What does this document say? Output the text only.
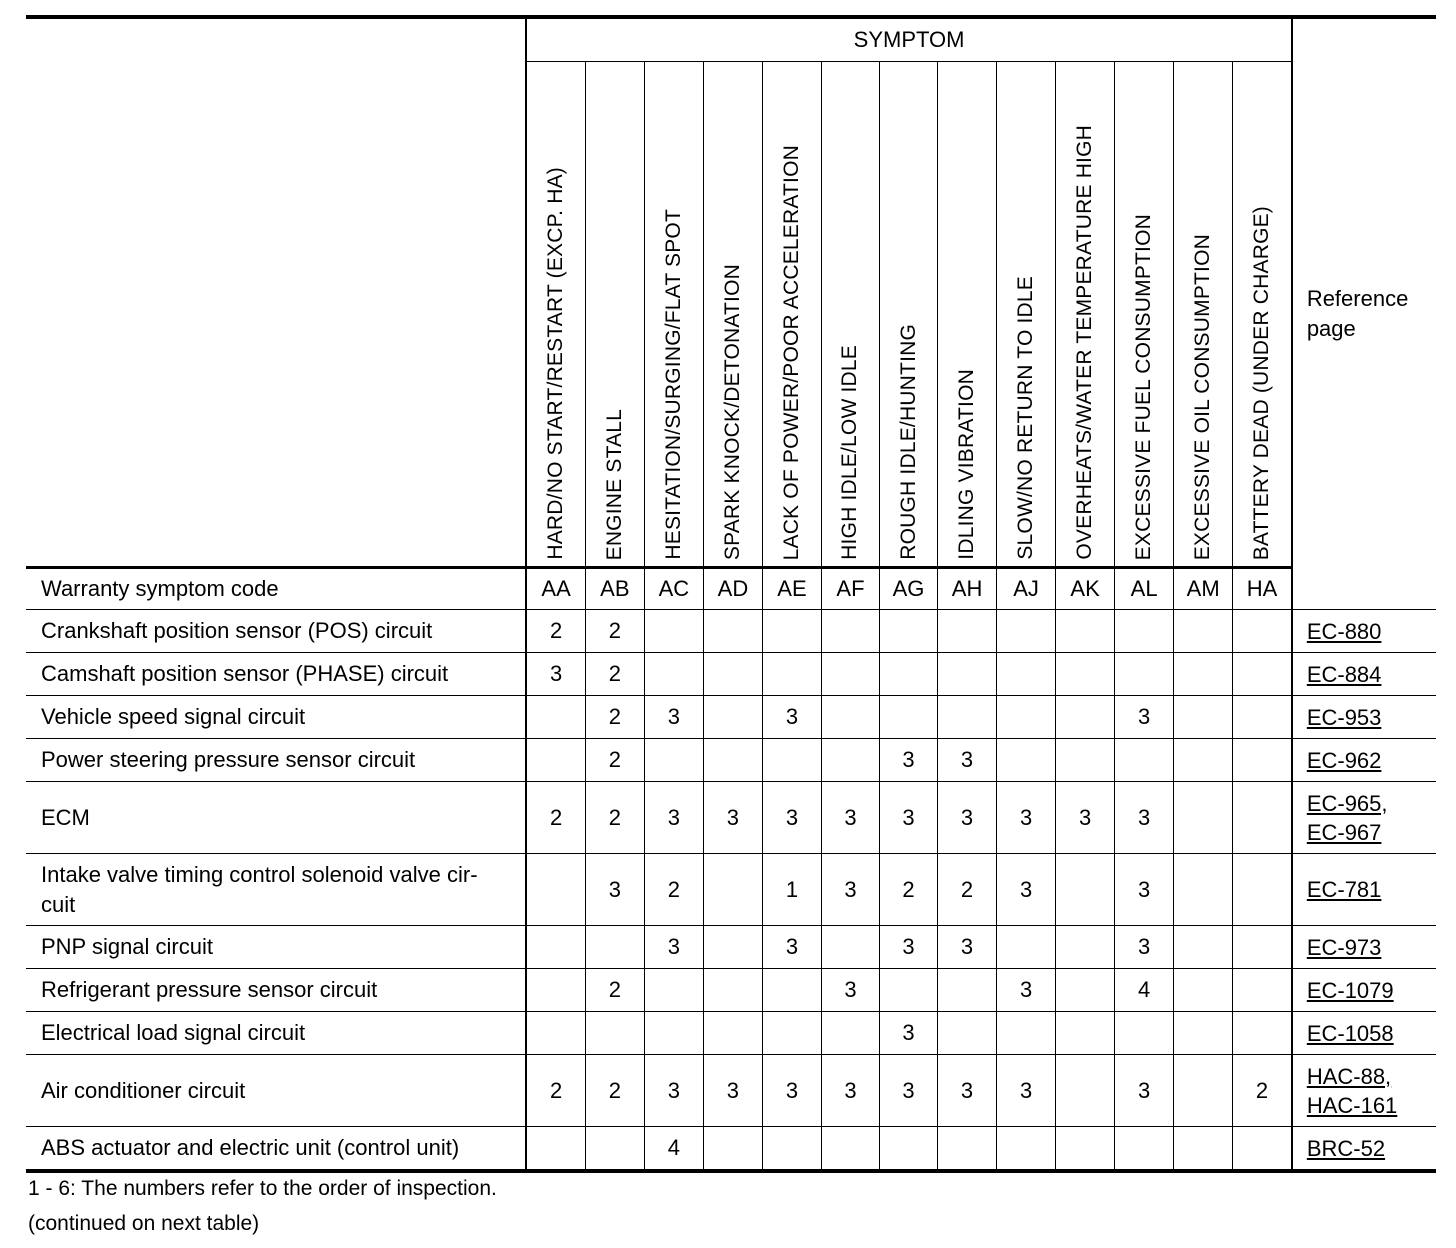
	SYMPTOM													Reference page
	HARD/NO START/RESTART (EXCP. HA)	ENGINE STALL	HESITATION/SURGING/FLAT SPOT	SPARK KNOCK/DETONATION	LACK OF POWER/POOR ACCELERATION	HIGH IDLE/LOW IDLE	ROUGH IDLE/HUNTING	IDLING VIBRATION	SLOW/NO RETURN TO IDLE	OVERHEATS/WATER TEMPERATURE HIGH	EXCESSIVE FUEL CONSUMPTION	EXCESSIVE OIL CONSUMPTION	BATTERY DEAD (UNDER CHARGE)	
Warranty symptom code	AA	AB	AC	AD	AE	AF	AG	AH	AJ	AK	AL	AM	HA	
Crankshaft position sensor (POS) circuit	2	2												EC-880

Camshaft position sensor (PHASE) circuit	3	2												EC-884

Vehicle speed signal circuit		2	3		3						3			EC-953

Power steering pressure sensor circuit		2					3	3						EC-962

ECM	2	2	3	3	3	3	3	3	3	3	3			EC-965,
EC-967

Intake valve timing control solenoid valve cir-
cuit		3	2		1	3	2	2	3		3			EC-781

PNP signal circuit			3		3		3	3			3			EC-973

Refrigerant pressure sensor circuit		2				3			3		4			EC-1079

Electrical load signal circuit							3							EC-1058

Air conditioner circuit	2	2	3	3	3	3	3	3	3		3		2	HAC-88,
HAC-161

ABS actuator and electric unit (control unit)			4											BRC-52
1 - 6: The numbers refer to the order of inspection.
(continued on next table)
